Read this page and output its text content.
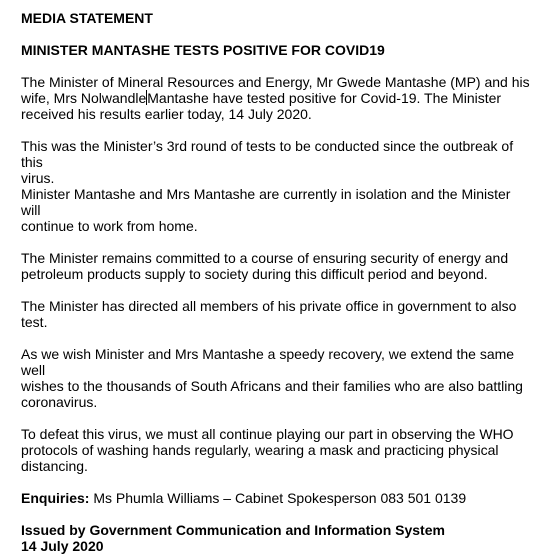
MEDIA STATEMENT
MINISTER MANTASHE TESTS POSITIVE FOR COVID19

The Minister of Mineral Resources and Energy, Mr Gwede Mantashe (MP) and his
wife, Mrs NolwandleMantashe have tested positive for Covid-19. The Minister
received his results earlier today, 14 July 2020.

This was the Minister’s 3rd round of tests to be conducted since the outbreak of this
virus.
Minister Mantashe and Mrs Mantashe are currently in isolation and the Minister will
continue to work from home.

The Minister remains committed to a course of ensuring security of energy and
petroleum products supply to society during this difficult period and beyond.

The Minister has directed all members of his private office in government to also
test.

As we wish Minister and Mrs Mantashe a speedy recovery, we extend the same well
wishes to the thousands of South Africans and their families who are also battling
coronavirus.

To defeat this virus, we must all continue playing our part in observing the WHO
protocols of washing hands regularly, wearing a mask and practicing physical
distancing.

Enquiries: Ms Phumla Williams – Cabinet Spokesperson 083 501 0139

Issued by Government Communication and Information System
14 July 2020
